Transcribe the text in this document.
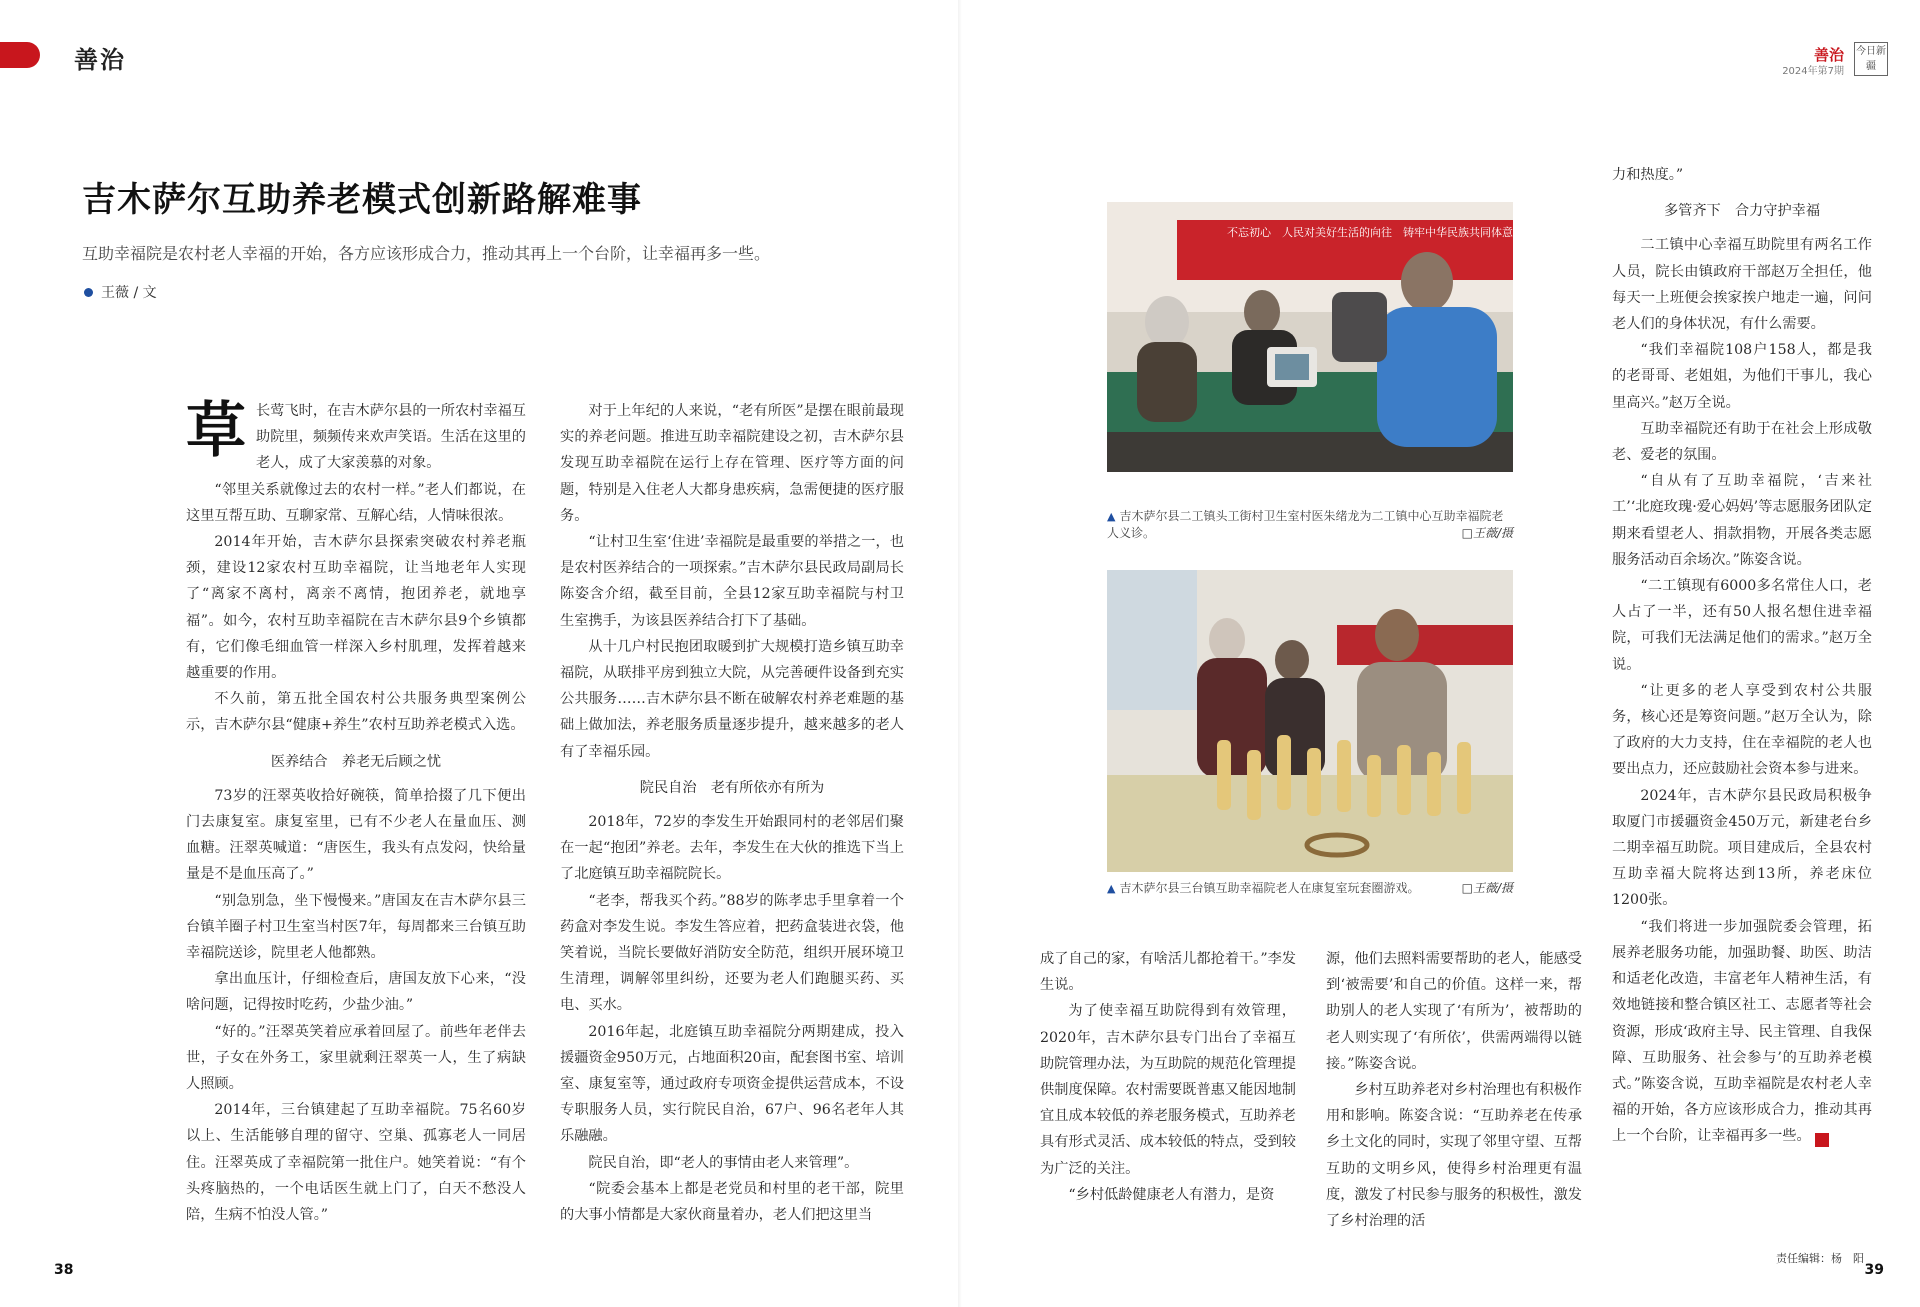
善治	善治
2024年第7期
今日新疆
吉木萨尔互助养老模式创新路解难事
互助幸福院是农村老人幸福的开始，各方应该形成合力，推动其再上一个台阶，让幸福再多一些。
王薇 / 文
草 长莺飞时，在吉木萨尔县的一所农村幸福互助院里，频频传来欢声笑语。生活在这里的老人，成了大家羡慕的对象。

“邻里关系就像过去的农村一样。”老人们都说，在这里互帮互助、互聊家常、互解心结，人情味很浓。

2014年开始，吉木萨尔县探索突破农村养老瓶颈，建设12家农村互助幸福院，让当地老年人实现了“离家不离村，离亲不离情，抱团养老，就地享福”。如今，农村互助幸福院在吉木萨尔县9个乡镇都有，它们像毛细血管一样深入乡村肌理，发挥着越来越重要的作用。

不久前，第五批全国农村公共服务典型案例公示，吉木萨尔县“健康+养生”农村互助养老模式入选。

医养结合　养老无后顾之忧

73岁的汪翠英收拾好碗筷，简单拾掇了几下便出门去康复室。康复室里，已有不少老人在量血压、测血糖。汪翠英喊道：“唐医生，我头有点发闷，快给量量是不是血压高了。”

“别急别急，坐下慢慢来。”唐国友在吉木萨尔县三台镇羊圈子村卫生室当村医7年，每周都来三台镇互助幸福院送诊，院里老人他都熟。

拿出血压计，仔细检查后，唐国友放下心来，“没啥问题，记得按时吃药，少盐少油。”

“好的。”汪翠英笑着应承着回屋了。前些年老伴去世，子女在外务工，家里就剩汪翠英一人，生了病缺人照顾。

2014年，三台镇建起了互助幸福院。75名60岁以上、生活能够自理的留守、空巢、孤寡老人一同居住。汪翠英成了幸福院第一批住户。她笑着说：“有个头疼脑热的，一个电话医生就上门了，白天不愁没人陪，生病不怕没人管。”

对于上年纪的人来说，“老有所医”是摆在眼前最现实的养老问题。推进互助幸福院建设之初，吉木萨尔县发现互助幸福院在运行上存在管理、医疗等方面的问题，特别是入住老人大都身患疾病，急需便捷的医疗服务。

“让村卫生室‘住进’幸福院是最重要的举措之一，也是农村医养结合的一项探索。”吉木萨尔县民政局副局长陈姿含介绍，截至目前，全县12家互助幸福院与村卫生室携手，为该县医养结合打下了基础。

从十几户村民抱团取暖到扩大规模打造乡镇互助幸福院，从联排平房到独立大院，从完善硬件设备到充实公共服务……吉木萨尔县不断在破解农村养老难题的基础上做加法，养老服务质量逐步提升，越来越多的老人有了幸福乐园。

院民自治　老有所依亦有所为

2018年，72岁的李发生开始跟同村的老邻居们聚在一起“抱团”养老。去年，李发生在大伙的推选下当上了北庭镇互助幸福院院长。

“老李，帮我买个药。”88岁的陈孝忠手里拿着一个药盒对李发生说。李发生答应着，把药盒装进衣袋，他笑着说，当院长要做好消防安全防范，组织开展环境卫生清理，调解邻里纠纷，还要为老人们跑腿买药、买电、买水。

2016年起，北庭镇互助幸福院分两期建成，投入援疆资金950万元，占地面积20亩，配套图书室、培训室、康复室等，通过政府专项资金提供运营成本，不设专职服务人员，实行院民自治，67户、96名老年人其乐融融。

院民自治，即“老人的事情由老人来管理”。

“院委会基本上都是老党员和村里的老干部，院里的大事小情都是大家伙商量着办，老人们把这里当

不忘初心　人民对美好生活的向往　铸牢中华民族共同体意识　主题活
▲ 吉木萨尔县二工镇头工街村卫生室村医朱绪龙为二工镇中心互助幸福院老人义诊。	□王薇/摄
▲ 吉木萨尔县三台镇互助幸福院老人在康复室玩套圈游戏。	□王薇/摄

成了自己的家，有啥活儿都抢着干。”李发生说。

为了使幸福互助院得到有效管理，2020年，吉木萨尔县专门出台了幸福互助院管理办法，为互助院的规范化管理提供制度保障。农村需要既普惠又能因地制宜且成本较低的养老服务模式，互助养老具有形式灵活、成本较低的特点，受到较为广泛的关注。

“乡村低龄健康老人有潜力，是资

源，他们去照料需要帮助的老人，能感受到‘被需要’和自己的价值。这样一来，帮助别人的老人实现了‘有所为’，被帮助的老人则实现了‘有所依’，供需两端得以链接。”陈姿含说。

乡村互助养老对乡村治理也有积极作用和影响。陈姿含说：“互助养老在传承乡土文化的同时，实现了邻里守望、互帮互助的文明乡风，使得乡村治理更有温度，激发了村民参与服务的积极性，激发了乡村治理的活

力和热度。”

多管齐下　合力守护幸福

二工镇中心幸福互助院里有两名工作人员，院长由镇政府干部赵万全担任，他每天一上班便会挨家挨户地走一遍，问问老人们的身体状况，有什么需要。

“我们幸福院108户158人，都是我的老哥哥、老姐姐，为他们干事儿，我心里高兴。”赵万全说。

互助幸福院还有助于在社会上形成敬老、爱老的氛围。

“自从有了互助幸福院，‘吉来社工’‘北庭玫瑰·爱心妈妈’等志愿服务团队定期来看望老人、捐款捐物，开展各类志愿服务活动百余场次。”陈姿含说。

“二工镇现有6000多名常住人口，老人占了一半，还有50人报名想住进幸福院，可我们无法满足他们的需求。”赵万全说。

“让更多的老人享受到农村公共服务，核心还是筹资问题。”赵万全认为，除了政府的大力支持，住在幸福院的老人也要出点力，还应鼓励社会资本参与进来。

2024年，吉木萨尔县民政局积极争取厦门市援疆资金450万元，新建老台乡二期幸福互助院。项目建成后，全县农村互助幸福大院将达到13所，养老床位1200张。

“我们将进一步加强院委会管理，拓展养老服务功能，加强助餐、助医、助洁和适老化改造，丰富老年人精神生活，有效地链接和整合镇区社工、志愿者等社会资源，形成‘政府主导、民主管理、自我保障、互助服务、社会参与’的互助养老模式。”陈姿含说，互助幸福院是农村老人幸福的开始，各方应该形成合力，推动其再上一个台阶，让幸福再多一些。	J

38	39
责任编辑：杨　阳
